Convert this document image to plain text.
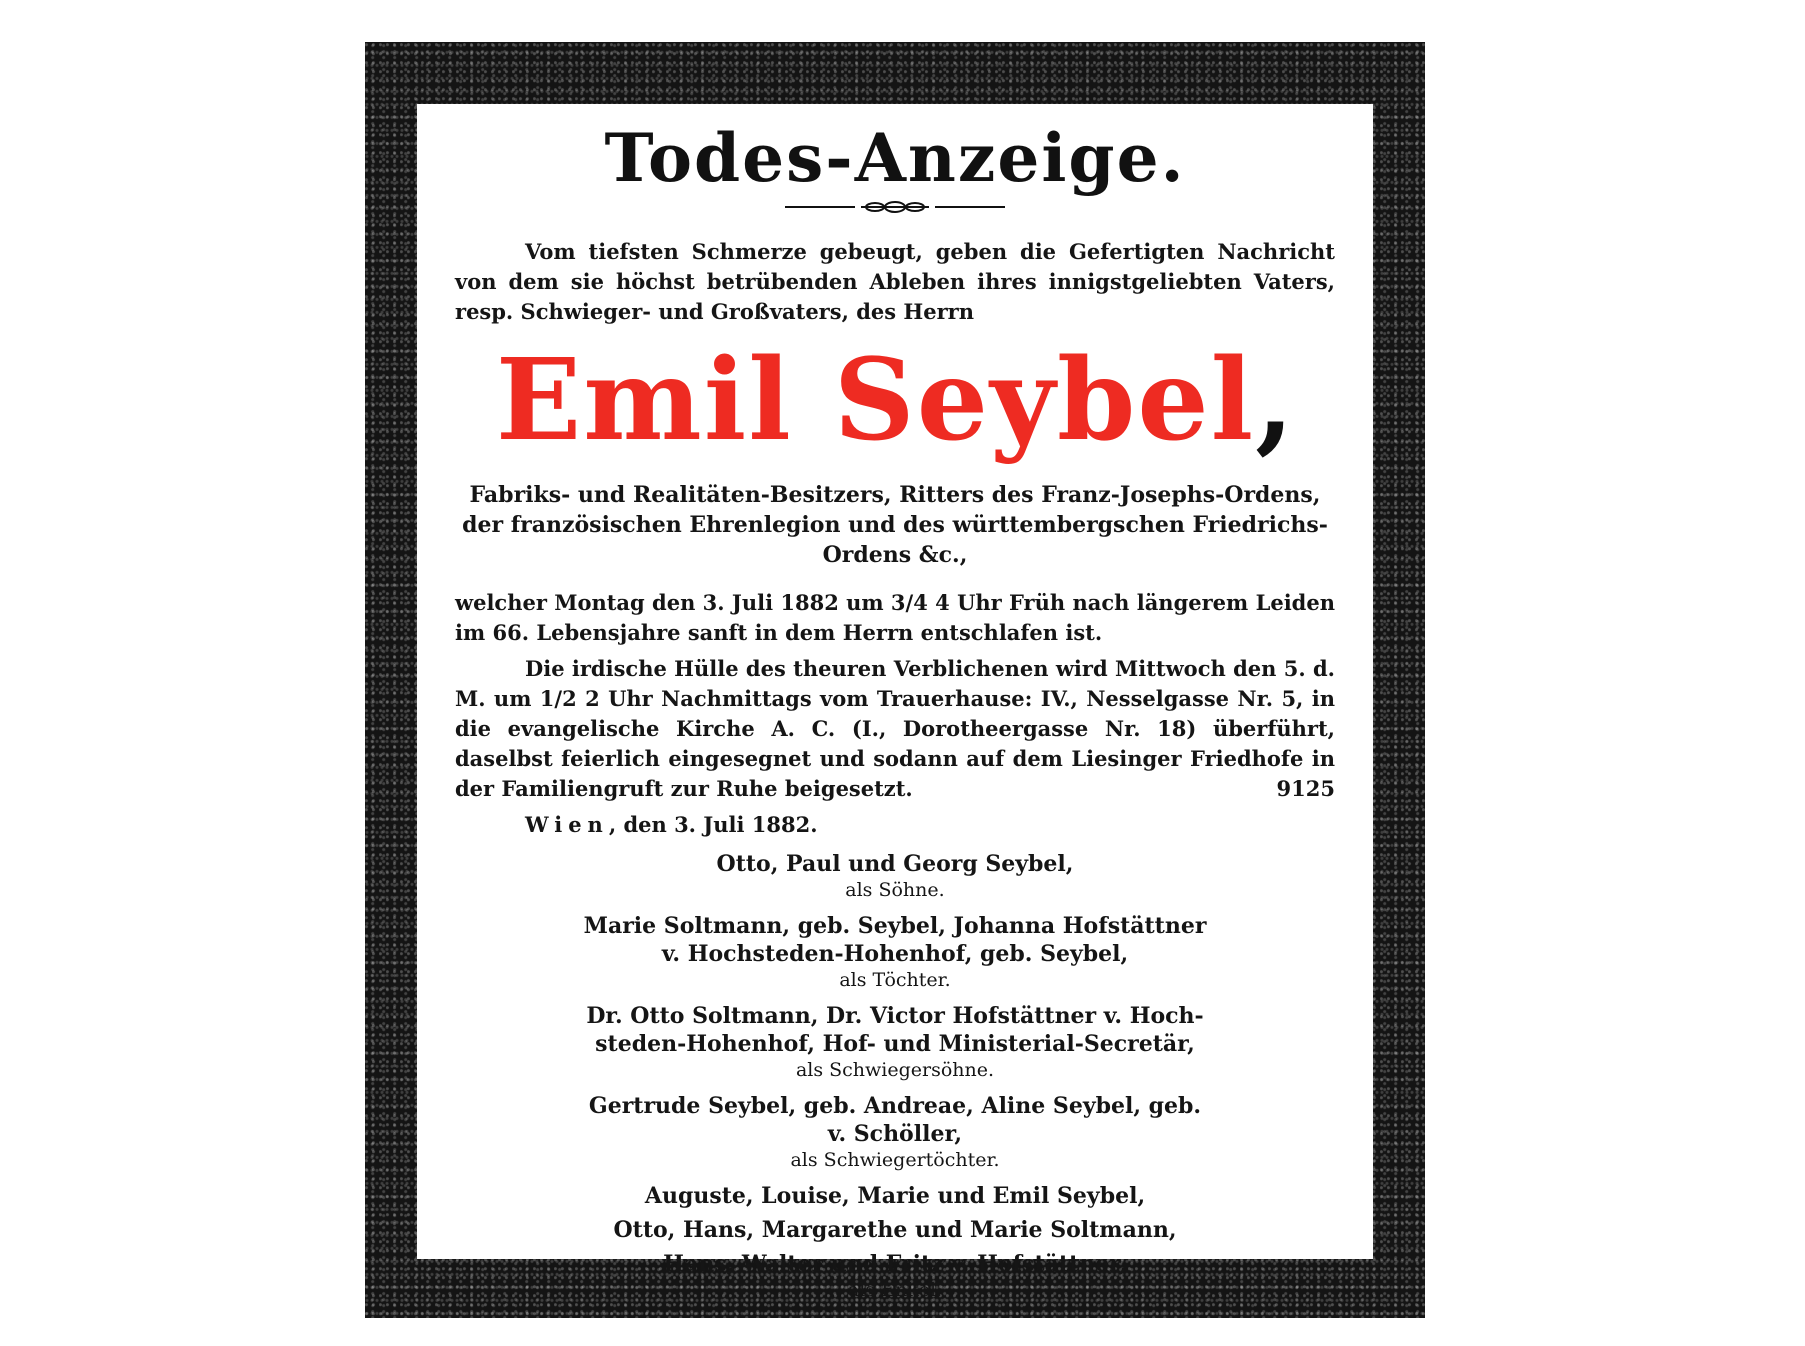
Todes-Anzeige.

Vom tiefsten Schmerze gebeugt, geben die Gefertigten Nachricht von dem sie höchst betrübenden Ableben ihres innigstgeliebten Vaters, resp. Schwieger- und Großvaters, des Herrn

Emil Seybel,

Fabriks- und Realitäten-Besitzers, Ritters des Franz-Josephs-Ordens, der französischen Ehrenlegion und des württembergschen Friedrichs-Ordens &c.,

welcher Montag den 3. Juli 1882 um 3/4 4 Uhr Früh nach längerem Leiden im 66. Lebensjahre sanft in dem Herrn entschlafen ist.

Die irdische Hülle des theuren Verblichenen wird Mittwoch den 5. d. M. um 1/2 2 Uhr Nachmittags vom Trauerhause: IV., Nesselgasse Nr. 5, in die evangelische Kirche A. C. (I., Dorotheergasse Nr. 18) überführt, daselbst feierlich eingesegnet und sodann auf dem Liesinger Friedhofe in der Familiengruft zur Ruhe beigesetzt.	9125

Wien, den 3. Juli 1882.

Otto, Paul und Georg Seybel,

als Söhne.

Marie Soltmann, geb. Seybel, Johanna Hofstättner

v. Hochsteden-Hohenhof, geb. Seybel,

als Töchter.

Dr. Otto Soltmann, Dr. Victor Hofstättner v. Hoch-

steden-Hohenhof, Hof- und Ministerial-Secretär,

als Schwiegersöhne.

Gertrude Seybel, geb. Andreae, Aline Seybel, geb.

v. Schöller,

als Schwiegertöchter.

Auguste, Louise, Marie und Emil Seybel,

Otto, Hans, Margarethe und Marie Soltmann,

Hans, Walter und Fritz v. Hofstättner,

als Enkel.
